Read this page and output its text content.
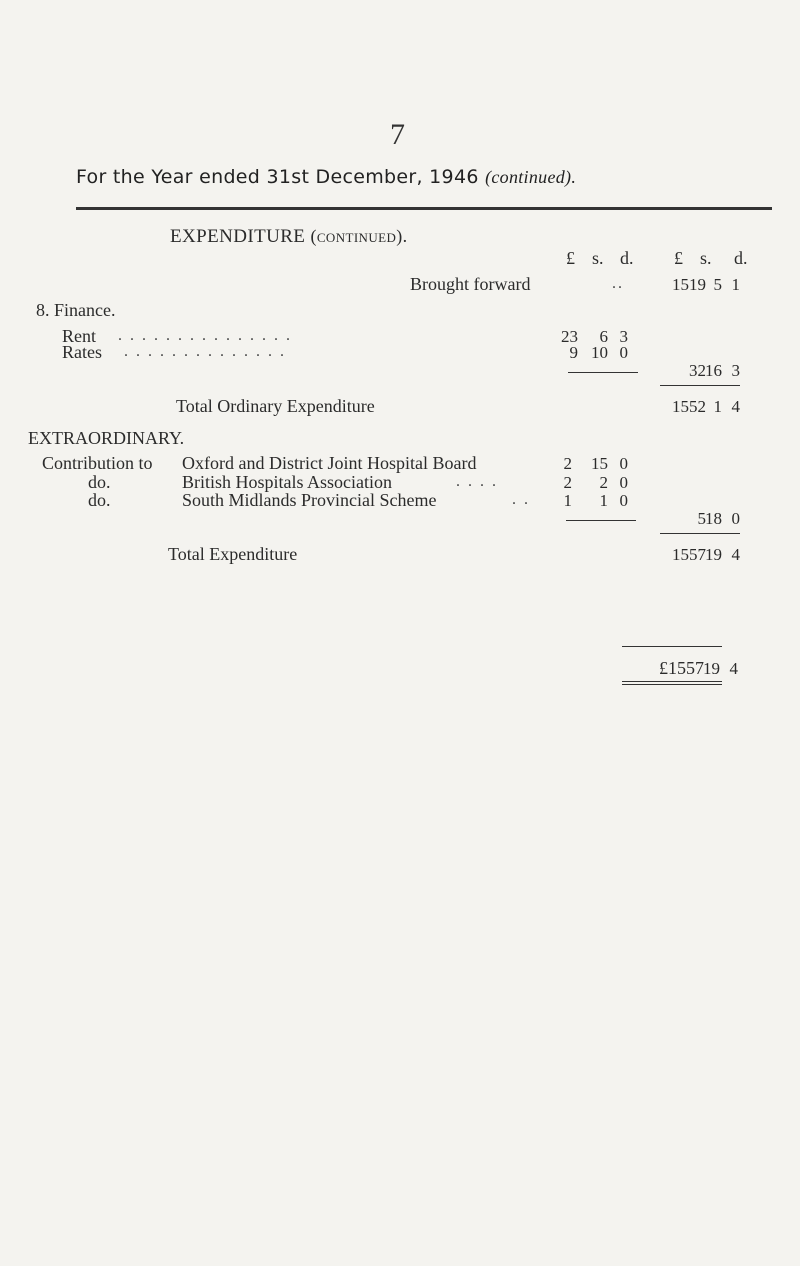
7
For the Year ended 31st December, 1946 (continued).
EXPENDITURE (continued).
£ s. d. £ s. d.
Brought forward	..	1519 5 1
8. Finance.
Rent . . . . . . . . . . . . . . .	23	6 3
Rates . . . . . . . . . . . . . .	9 10 0
32 16 3
Total Ordinary Expenditure	1552 1 4
EXTRAORDINARY.
Contribution to Oxford and District Joint Hospital Board	2	15 0
do.	British Hospitals Association	. . . .	2	2 0
do.	South Midlands Provincial Scheme	. .	1	1 0
5 18 0
Total Expenditure	1557 19 4
£1557 19 4
